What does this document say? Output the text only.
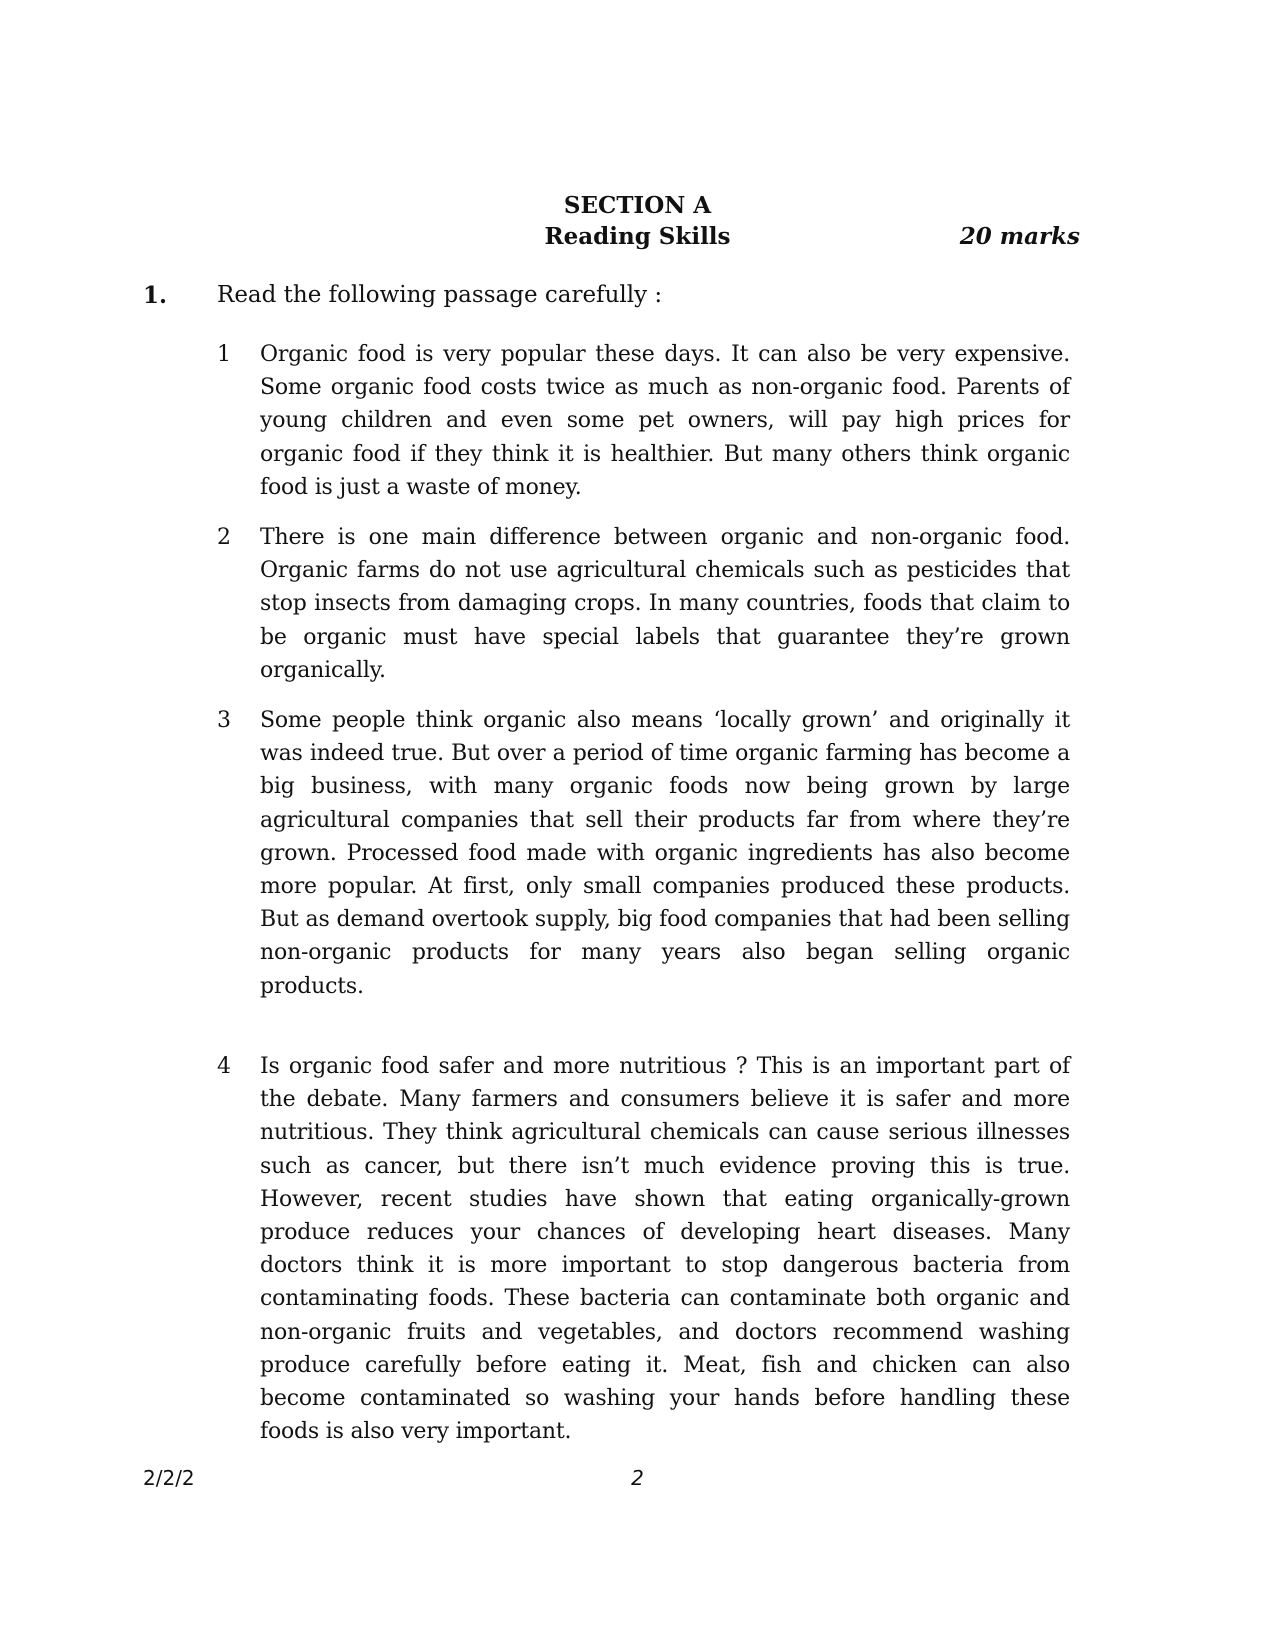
SECTION A
Reading Skills	20 marks
1. Read the following passage carefully :
1	Organic food is very popular these days. It can also be very expensive. Some organic food costs twice as much as non-organic food. Parents of young children and even some pet owners, will pay high prices for organic food if they think it is healthier. But many others think organic food is just a waste of money.
2	There is one main difference between organic and non-organic food. Organic farms do not use agricultural chemicals such as pesticides that stop insects from damaging crops. In many countries, foods that claim to be organic must have special labels that guarantee they’re grown organically.
3	Some people think organic also means ‘locally grown’ and originally it was indeed true. But over a period of time organic farming has become a big business, with many organic foods now being grown by large agricultural companies that sell their products far from where they’re grown. Processed food made with organic ingredients has also become more popular. At first, only small companies produced these products. But as demand overtook supply, big food companies that had been selling non-organic products for many years also began selling organic products.
4	Is organic food safer and more nutritious ? This is an important part of the debate. Many farmers and consumers believe it is safer and more nutritious. They think agricultural chemicals can cause serious illnesses such as cancer, but there isn’t much evidence proving this is true. However, recent studies have shown that eating organically-grown produce reduces your chances of developing heart diseases. Many doctors think it is more important to stop dangerous bacteria from contaminating foods. These bacteria can contaminate both organic and non-organic fruits and vegetables, and doctors recommend washing produce carefully before eating it. Meat, fish and chicken can also become contaminated so washing your hands before handling these foods is also very important.
2/2/2	2
